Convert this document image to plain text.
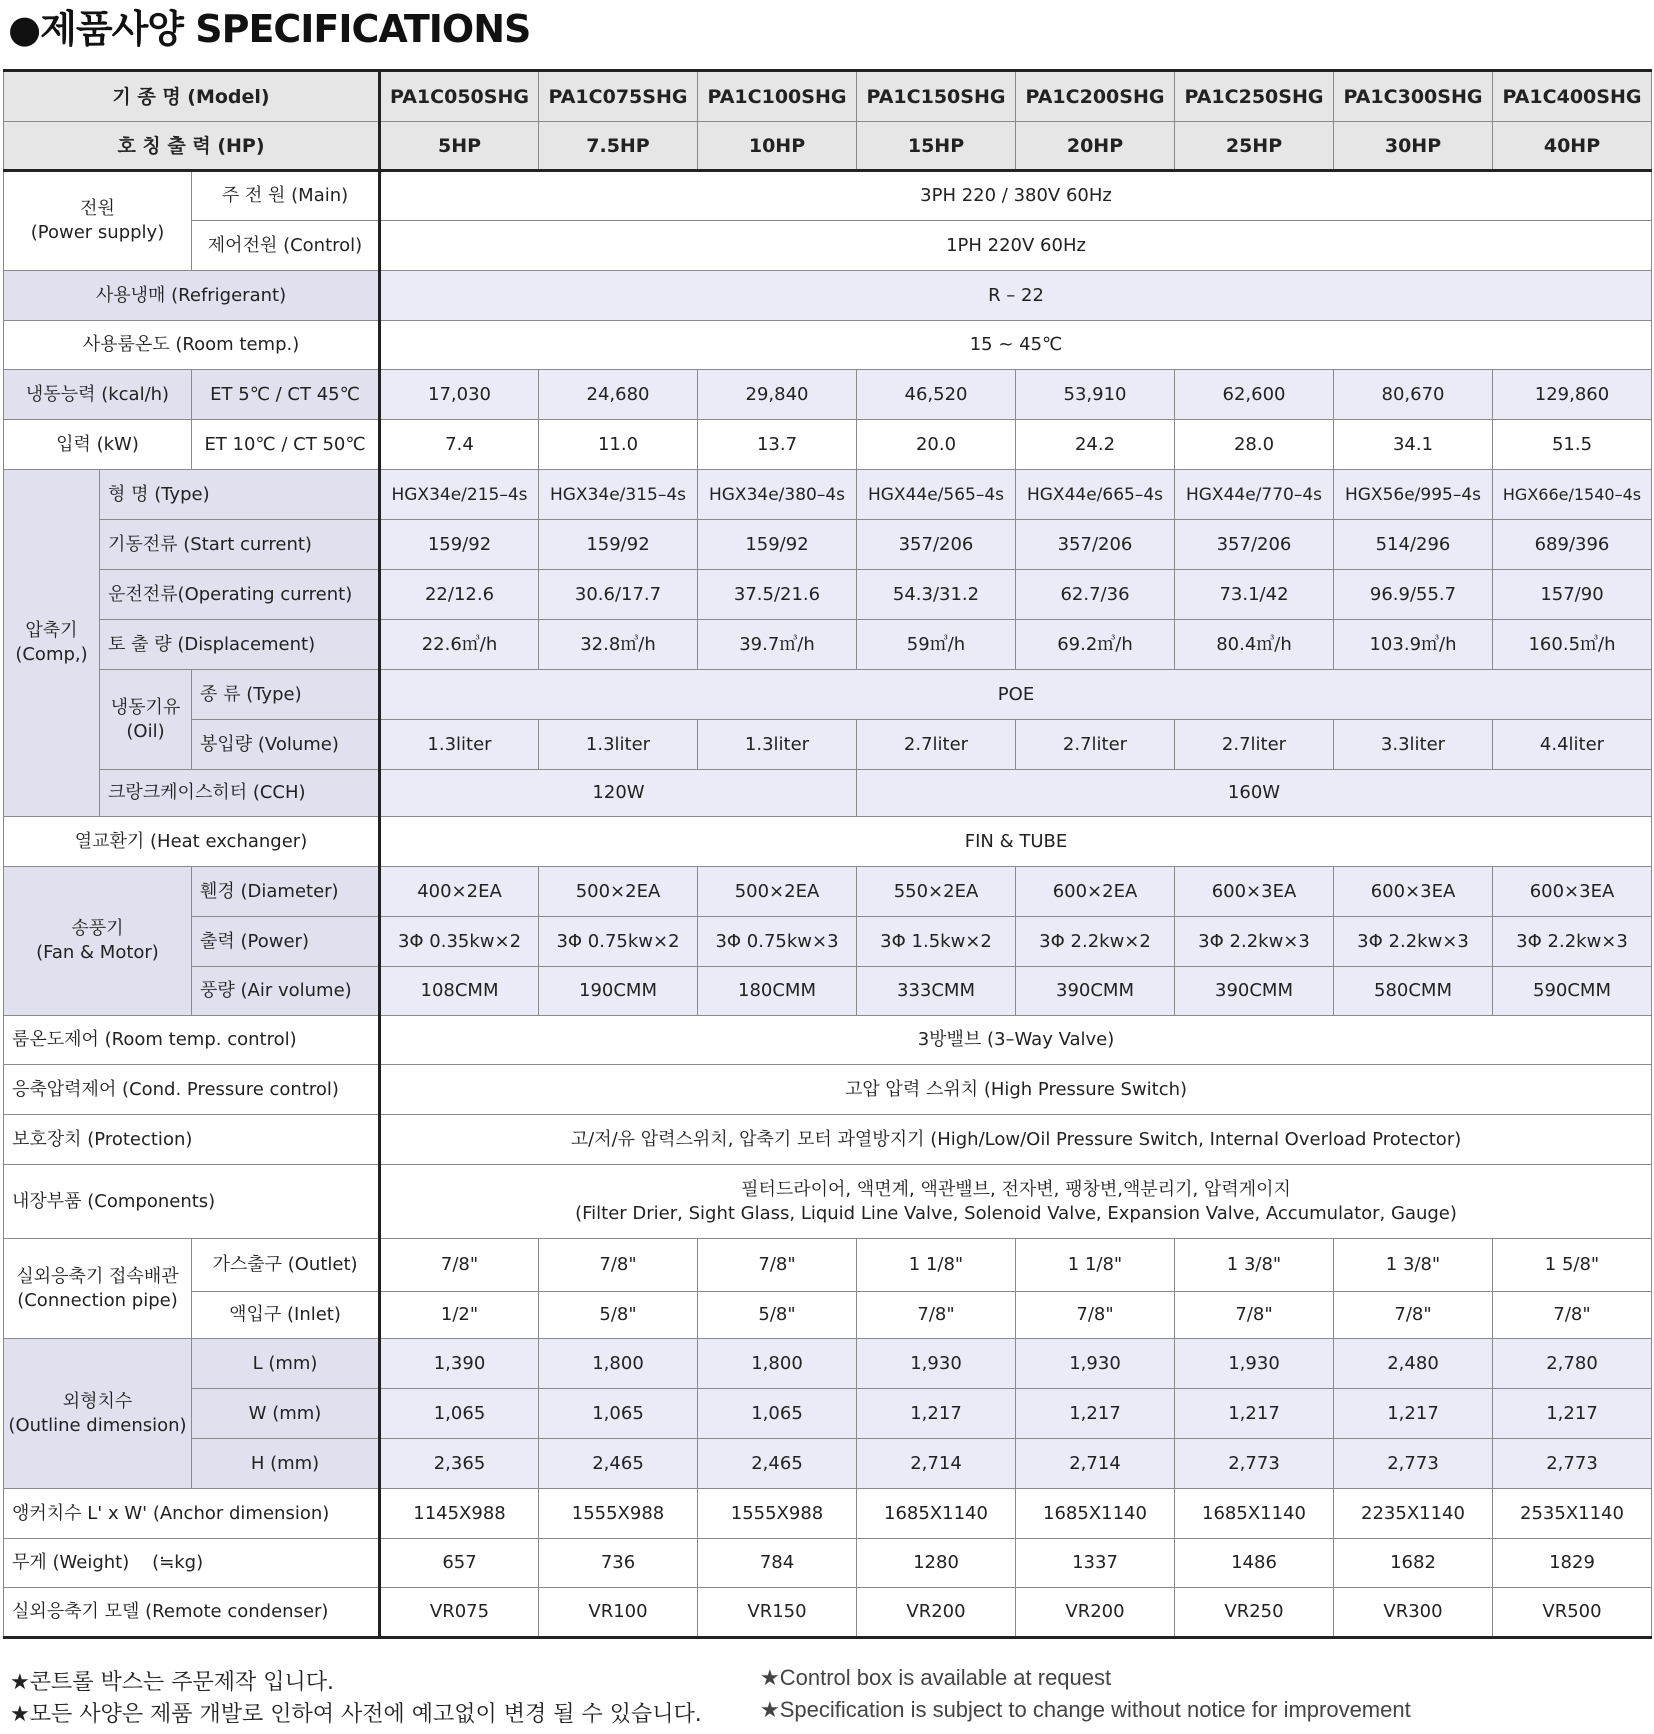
●제품사양 SPECIFICATIONS
기 종 명 (Model)			PA1C050SHG	PA1C075SHG	PA1C100SHG	PA1C150SHG	PA1C200SHG	PA1C250SHG	PA1C300SHG	PA1C400SHG
호 칭 출 력 (HP)			5HP	7.5HP	10HP	15HP	20HP	25HP	30HP	40HP
전원
(Power supply)		주 전 원 (Main)	3PH 220 / 380V 60Hz							
		제어전원 (Control)	1PH 220V 60Hz							
사용냉매 (Refrigerant)			R – 22							
사용룸온도 (Room temp.)			15 ~ 45℃							
냉동능력 (kcal/h)		ET 5℃ / CT 45℃	17,030	24,680	29,840	46,520	53,910	62,600	80,670	129,860
입력 (kW)		ET 10℃ / CT 50℃	7.4	11.0	13.7	20.0	24.2	28.0	34.1	51.5
압축기
(Comp,)	형 명 (Type)		HGX34e/215–4s	HGX34e/315–4s	HGX34e/380–4s	HGX44e/565–4s	HGX44e/665–4s	HGX44e/770–4s	HGX56e/995–4s	HGX66e/1540–4s
	기동전류 (Start current)		159/92	159/92	159/92	357/206	357/206	357/206	514/296	689/396
	운전전류(Operating current)		22/12.6	30.6/17.7	37.5/21.6	54.3/31.2	62.7/36	73.1/42	96.9/55.7	157/90
	토 출 량 (Displacement)		22.6㎥/h	32.8㎥/h	39.7㎥/h	59㎥/h	69.2㎥/h	80.4㎥/h	103.9㎥/h	160.5㎥/h
	냉동기유
(Oil)	종 류 (Type)	POE							
		봉입량 (Volume)	1.3liter	1.3liter	1.3liter	2.7liter	2.7liter	2.7liter	3.3liter	4.4liter
	크랑크케이스히터 (CCH)		120W			160W				
열교환기 (Heat exchanger)			FIN & TUBE							
송풍기
(Fan & Motor)		휀경 (Diameter)	400×2EA	500×2EA	500×2EA	550×2EA	600×2EA	600×3EA	600×3EA	600×3EA
		출력 (Power)	3Φ 0.35kw×2	3Φ 0.75kw×2	3Φ 0.75kw×3	3Φ 1.5kw×2	3Φ 2.2kw×2	3Φ 2.2kw×3	3Φ 2.2kw×3	3Φ 2.2kw×3
		풍량 (Air volume)	108CMM	190CMM	180CMM	333CMM	390CMM	390CMM	580CMM	590CMM
룸온도제어 (Room temp. control)			3방밸브 (3–Way Valve)							
응축압력제어 (Cond. Pressure control)			고압 압력 스위치 (High Pressure Switch)							
보호장치 (Protection)			고/저/유 압력스위치, 압축기 모터 과열방지기 (High/Low/Oil Pressure Switch, Internal Overload Protector)							
내장부품 (Components)			필터드라이어, 액면계, 액관밸브, 전자변, 팽창변,액분리기, 압력게이지
(Filter Drier, Sight Glass, Liquid Line Valve, Solenoid Valve, Expansion Valve, Accumulator, Gauge)							

실외응축기 접속배관
(Connection pipe)		가스출구 (Outlet)	7/8"	7/8"	7/8"	1 1/8"	1 1/8"	1 3/8"	1 3/8"	1 5/8"
		액입구 (Inlet)	1/2"	5/8"	5/8"	7/8"	7/8"	7/8"	7/8"	7/8"
외형치수
(Outline dimension)		L (mm)	1,390	1,800	1,800	1,930	1,930	1,930	2,480	2,780
		W (mm)	1,065	1,065	1,065	1,217	1,217	1,217	1,217	1,217
		H (mm)	2,365	2,465	2,465	2,714	2,714	2,773	2,773	2,773
앵커치수 L' x W' (Anchor dimension)			1145X988	1555X988	1555X988	1685X1140	1685X1140	1685X1140	2235X1140	2535X1140
무게 (Weight)    (≒kg)			657	736	784	1280	1337	1486	1682	1829
실외응축기 모델 (Remote condenser)			VR075	VR100	VR150	VR200	VR200	VR250	VR300	VR500
★콘트롤 박스는 주문제작 입니다.
★모든 사양은 제품 개발로 인하여 사전에 예고없이 변경 될 수 있습니다.
★Control box is available at request
★Specification is subject to change without notice for improvement
